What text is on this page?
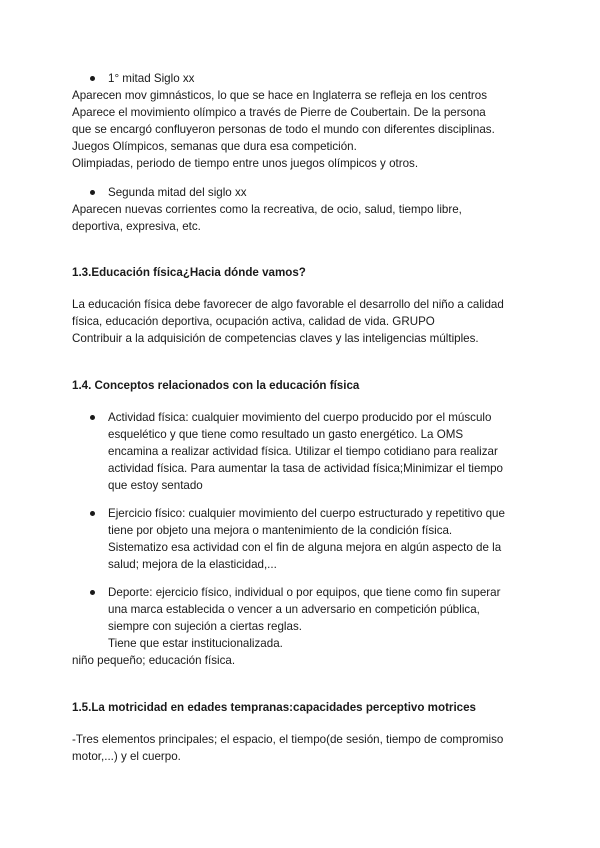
1° mitad Siglo xx
Aparecen mov gimnásticos, lo que se hace en Inglaterra se refleja en los centros
Aparece el movimiento olímpico a través de Pierre de Coubertain. De la persona
que se encargó confluyeron personas de todo el mundo con diferentes disciplinas.
Juegos Olímpicos, semanas que dura esa competición.
Olimpiadas, periodo de tiempo entre unos juegos olímpicos y otros.
Segunda mitad del siglo xx
Aparecen nuevas corrientes como la recreativa, de ocio, salud, tiempo libre,
deportiva, expresiva, etc.
1.3.Educación física¿Hacia dónde vamos?
La educación física debe favorecer de algo favorable el desarrollo del niño a calidad
física, educación deportiva, ocupación activa, calidad de vida. GRUPO
Contribuir a la adquisición de competencias claves y las inteligencias múltiples.
1.4. Conceptos relacionados con la educación física
Actividad física: cualquier movimiento del cuerpo producido por el músculo
esquelético y que tiene como resultado un gasto energético. La OMS
encamina a realizar actividad física. Utilizar el tiempo cotidiano para realizar
actividad física. Para aumentar la tasa de actividad física;Minimizar el tiempo
que estoy sentado
Ejercicio físico: cualquier movimiento del cuerpo estructurado y repetitivo que
tiene por objeto una mejora o mantenimiento de la condición física.
Sistematizo esa actividad con el fin de alguna mejora en algún aspecto de la
salud; mejora de la elasticidad,...
Deporte: ejercicio físico, individual o por equipos, que tiene como fin superar
una marca establecida o vencer a un adversario en competición pública,
siempre con sujeción a ciertas reglas.
Tiene que estar institucionalizada.
niño pequeño; educación física.
1.5.La motricidad en edades tempranas:capacidades perceptivo motrices
-Tres elementos principales; el espacio, el tiempo(de sesión, tiempo de compromiso
motor,...) y el cuerpo.
